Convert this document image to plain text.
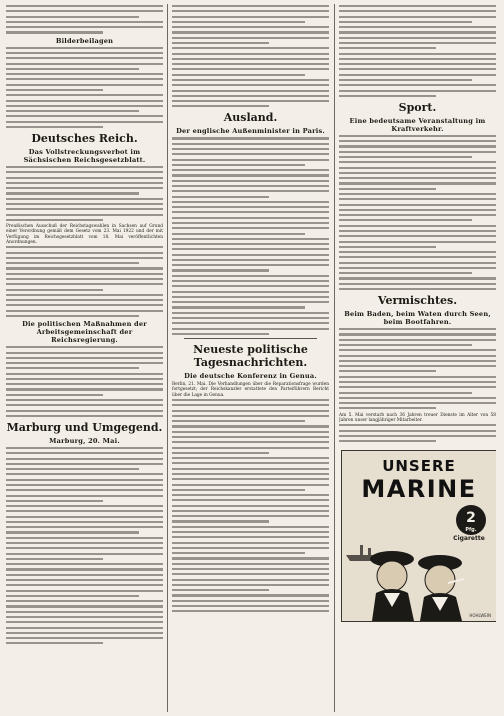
Bilderbeilagen
Deutsches Reich.
Das Vollstreckungsverbot im Sächsischen Reichsgesetzblatt.

Preußischen Ausschuß der Reichstagswahlen in Sachsen auf Grund einer Verordnung gemäß dem Gesetz vom 23. Mai 1922 und der mit Verfügung im Reichsgesetzblatt vom 18. Mai veröffentlichten Anordnungen.

Die politischen Maßnahmen der Arbeitsgemeinschaft der Reichsregierung.
Marburg und Umgegend.
Marburg, 20. Mai.
Ausland.
Der englische Außenminister in Paris.
Neueste politische Tagesnachrichten.
Die deutsche Konferenz in Genua.

Berlin, 21. Mai. Die Verhandlungen über die Reparationsfrage wurden fortgesetzt; der Reichskanzler erstattete den Parteiführern Bericht über die Lage in Genua.

Sport.
Eine bedeutsame Veranstaltung im Kraftverkehr.
Vermischtes.
Beim Baden, beim Waten durch Seen, beim Bootfahren.

Am 5. Mai verstarb nach 36 Jahren treuer Dienste im Alter von 58 Jahren unser langjähriger Mitarbeiter.

UNSERE
MARINE
2
Pfg.
Cigarette
HOHLWEIN
